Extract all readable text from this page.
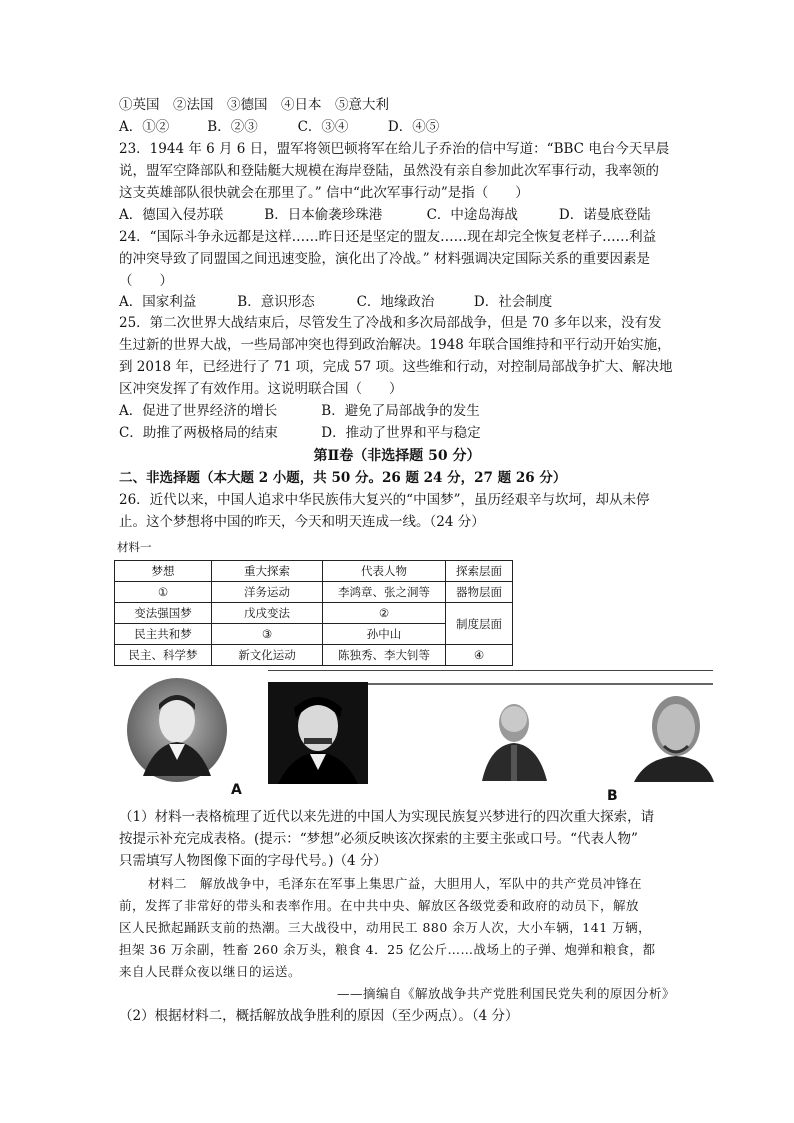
①英国　②法国　③德国　④日本　⑤意大利
A．①②	B．②③	C．③④	D．④⑤
23．1944 年 6 月 6 日，盟军将领巴顿将军在给儿子乔治的信中写道：“BBC 电台今天早晨
说，盟军空降部队和登陆艇大规模在海岸登陆，虽然没有亲自参加此次军事行动，我率领的
这支英雄部队很快就会在那里了。” 信中“此次军事行动”是指（　　）
A．德国入侵苏联	B．日本偷袭珍珠港	C．中途岛海战	D．诺曼底登陆
24．“国际斗争永远都是这样……昨日还是坚定的盟友……现在却完全恢复老样子……利益
的冲突导致了同盟国之间迅速变脸，演化出了冷战。” 材料强调决定国际关系的重要因素是
（　　）
A．国家利益	B．意识形态	C．地缘政治	D．社会制度
25．第二次世界大战结束后，尽管发生了冷战和多次局部战争，但是 70 多年以来，没有发
生过新的世界大战，一些局部冲突也得到政治解决。1948 年联合国维持和平行动开始实施，
到 2018 年，已经进行了 71 项，完成 57 项。这些维和行动，对控制局部战争扩大、解决地
区冲突发挥了有效作用。这说明联合国（　　）
A．促进了世界经济的增长	B．避免了局部战争的发生
C．助推了两极格局的结束	D．推动了世界和平与稳定
第Ⅱ卷（非选择题 50 分）
二、非选择题（本大题 2 小题，共 50 分。26 题 24 分，27 题 26 分）
26．近代以来，中国人追求中华民族伟大复兴的“中国梦”，虽历经艰辛与坎坷，却从未停
止。这个梦想将中国的昨天，今天和明天连成一线。（24 分）
材料一
梦想	重大探索	代表人物	探索层面
①	洋务运动	李鸿章、张之洞等	器物层面
变法强国梦	戊戌变法	②	制度层面
民主共和梦	③	孙中山	
民主、科学梦	新文化运动	陈独秀、李大钊等	④
A	B
（1）材料一表格梳理了近代以来先进的中国人为实现民族复兴梦进行的四次重大探索，请
按提示补充完成表格。(提示：“梦想”必须反映该次探索的主要主张或口号。“代表人物”
只需填写人物图像下面的字母代号。)（4 分）
材料二　解放战争中，毛泽东在军事上集思广益，大胆用人，军队中的共产党员冲锋在
前，发挥了非常好的带头和表率作用。在中共中央、解放区各级党委和政府的动员下，解放
区人民掀起踊跃支前的热潮。三大战役中，动用民工 880 余万人次，大小车辆，141 万辆，
担架 36 万余副，牲畜 260 余万头，粮食 4．25 亿公斤……战场上的子弹、炮弹和粮食，都
来自人民群众夜以继日的运送。
——摘编自《解放战争共产党胜利国民党失利的原因分析》
（2）根据材料二，概括解放战争胜利的原因（至少两点）。（4 分）
